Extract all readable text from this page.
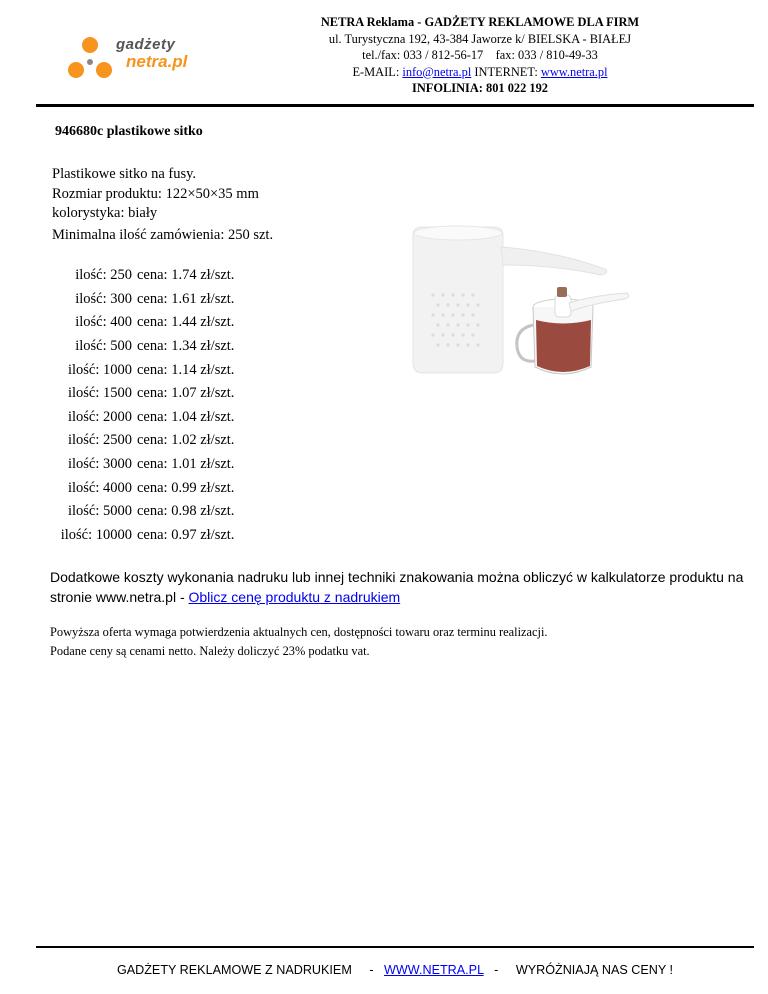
gadżety
netra.pl
NETRA Reklama - GADŻETY REKLAMOWE DLA FIRM
ul. Turystyczna 192, 43-384 Jaworze k/ BIELSKA - BIAŁEJ
tel./fax: 033 / 812-56-17    fax: 033 / 810-49-33
E-MAIL: info@netra.pl INTERNET: www.netra.pl
INFOLINIA: 801 022 192
946680c plastikowe sitko
Plastikowe sitko na fusy.
Rozmiar produktu: 122×50×35 mm
kolorystyka: biały
Minimalna ilość zamówienia: 250 szt.
ilość: 250	cena: 1.74 zł/szt.
ilość: 300	cena: 1.61 zł/szt.
ilość: 400	cena: 1.44 zł/szt.
ilość: 500	cena: 1.34 zł/szt.
ilość: 1000	cena: 1.14 zł/szt.
ilość: 1500	cena: 1.07 zł/szt.
ilość: 2000	cena: 1.04 zł/szt.
ilość: 2500	cena: 1.02 zł/szt.
ilość: 3000	cena: 1.01 zł/szt.
ilość: 4000	cena: 0.99 zł/szt.
ilość: 5000	cena: 0.98 zł/szt.
ilość: 10000	cena: 0.97 zł/szt.
Dodatkowe koszty wykonania nadruku lub innej techniki znakowania można obliczyć w kalkulatorze produktu na stronie www.netra.pl - Oblicz cenę produktu z nadrukiem
Powyższa oferta wymaga potwierdzenia aktualnych cen, dostępności towaru oraz terminu realizacji.
Podane ceny są cenami netto. Należy doliczyć 23% podatku vat.
GADŻETY REKLAMOWE Z NADRUKIEM - WWW.NETRA.PL - WYRÓŻNIAJĄ NAS CENY !
